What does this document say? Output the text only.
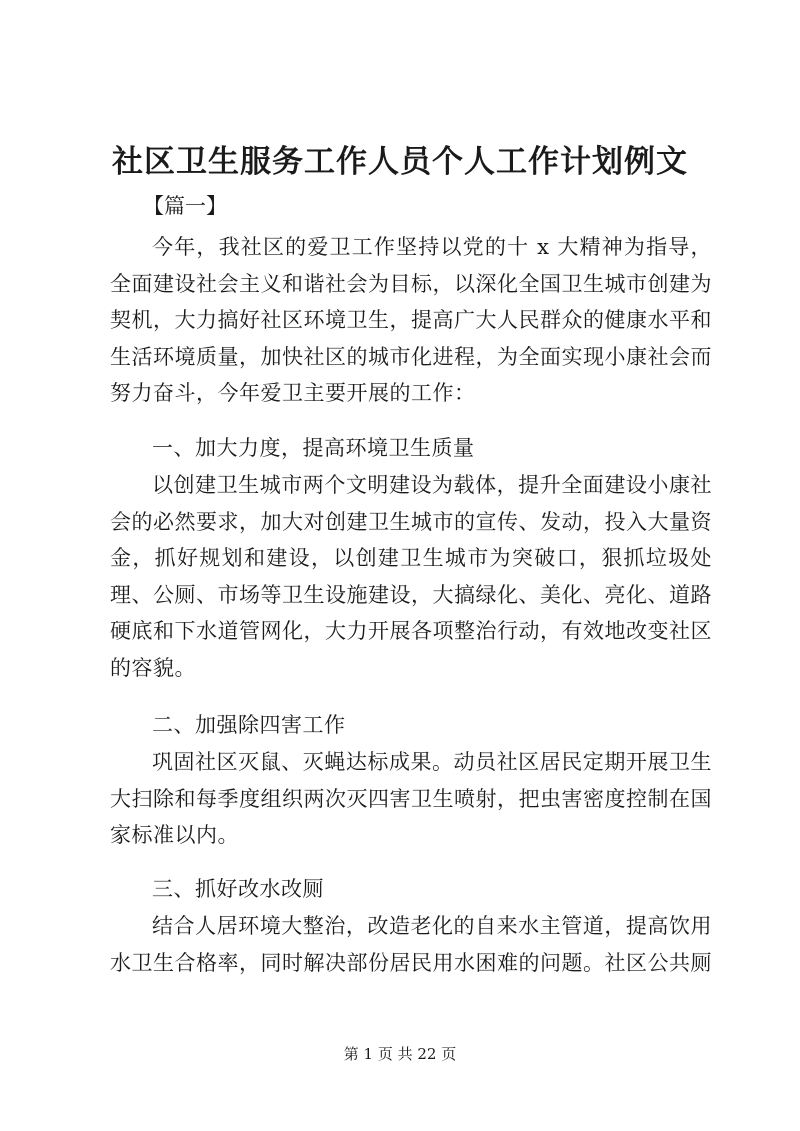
社区卫生服务工作人员个人工作计划例文

【篇一】

今年，我社区的爱卫工作坚持以党的十 x 大精神为指导，全面建设社会主义和谐社会为目标，以深化全国卫生城市创建为契机，大力搞好社区环境卫生，提高广大人民群众的健康水平和生活环境质量，加快社区的城市化进程，为全面实现小康社会而努力奋斗，今年爱卫主要开展的工作：

一、加大力度，提高环境卫生质量

以创建卫生城市两个文明建设为载体，提升全面建设小康社会的必然要求，加大对创建卫生城市的宣传、发动，投入大量资金，抓好规划和建设，以创建卫生城市为突破口，狠抓垃圾处理、公厕、市场等卫生设施建设，大搞绿化、美化、亮化、道路硬底和下水道管网化，大力开展各项整治行动，有效地改变社区的容貌。

二、加强除四害工作

巩固社区灭鼠、灭蝇达标成果。动员社区居民定期开展卫生大扫除和每季度组织两次灭四害卫生喷射，把虫害密度控制在国家标准以内。

三、抓好改水改厕

结合人居环境大整治，改造老化的自来水主管道，提高饮用水卫生合格率，同时解决部份居民用水困难的问题。社区公共厕

第 1 页 共 22 页
